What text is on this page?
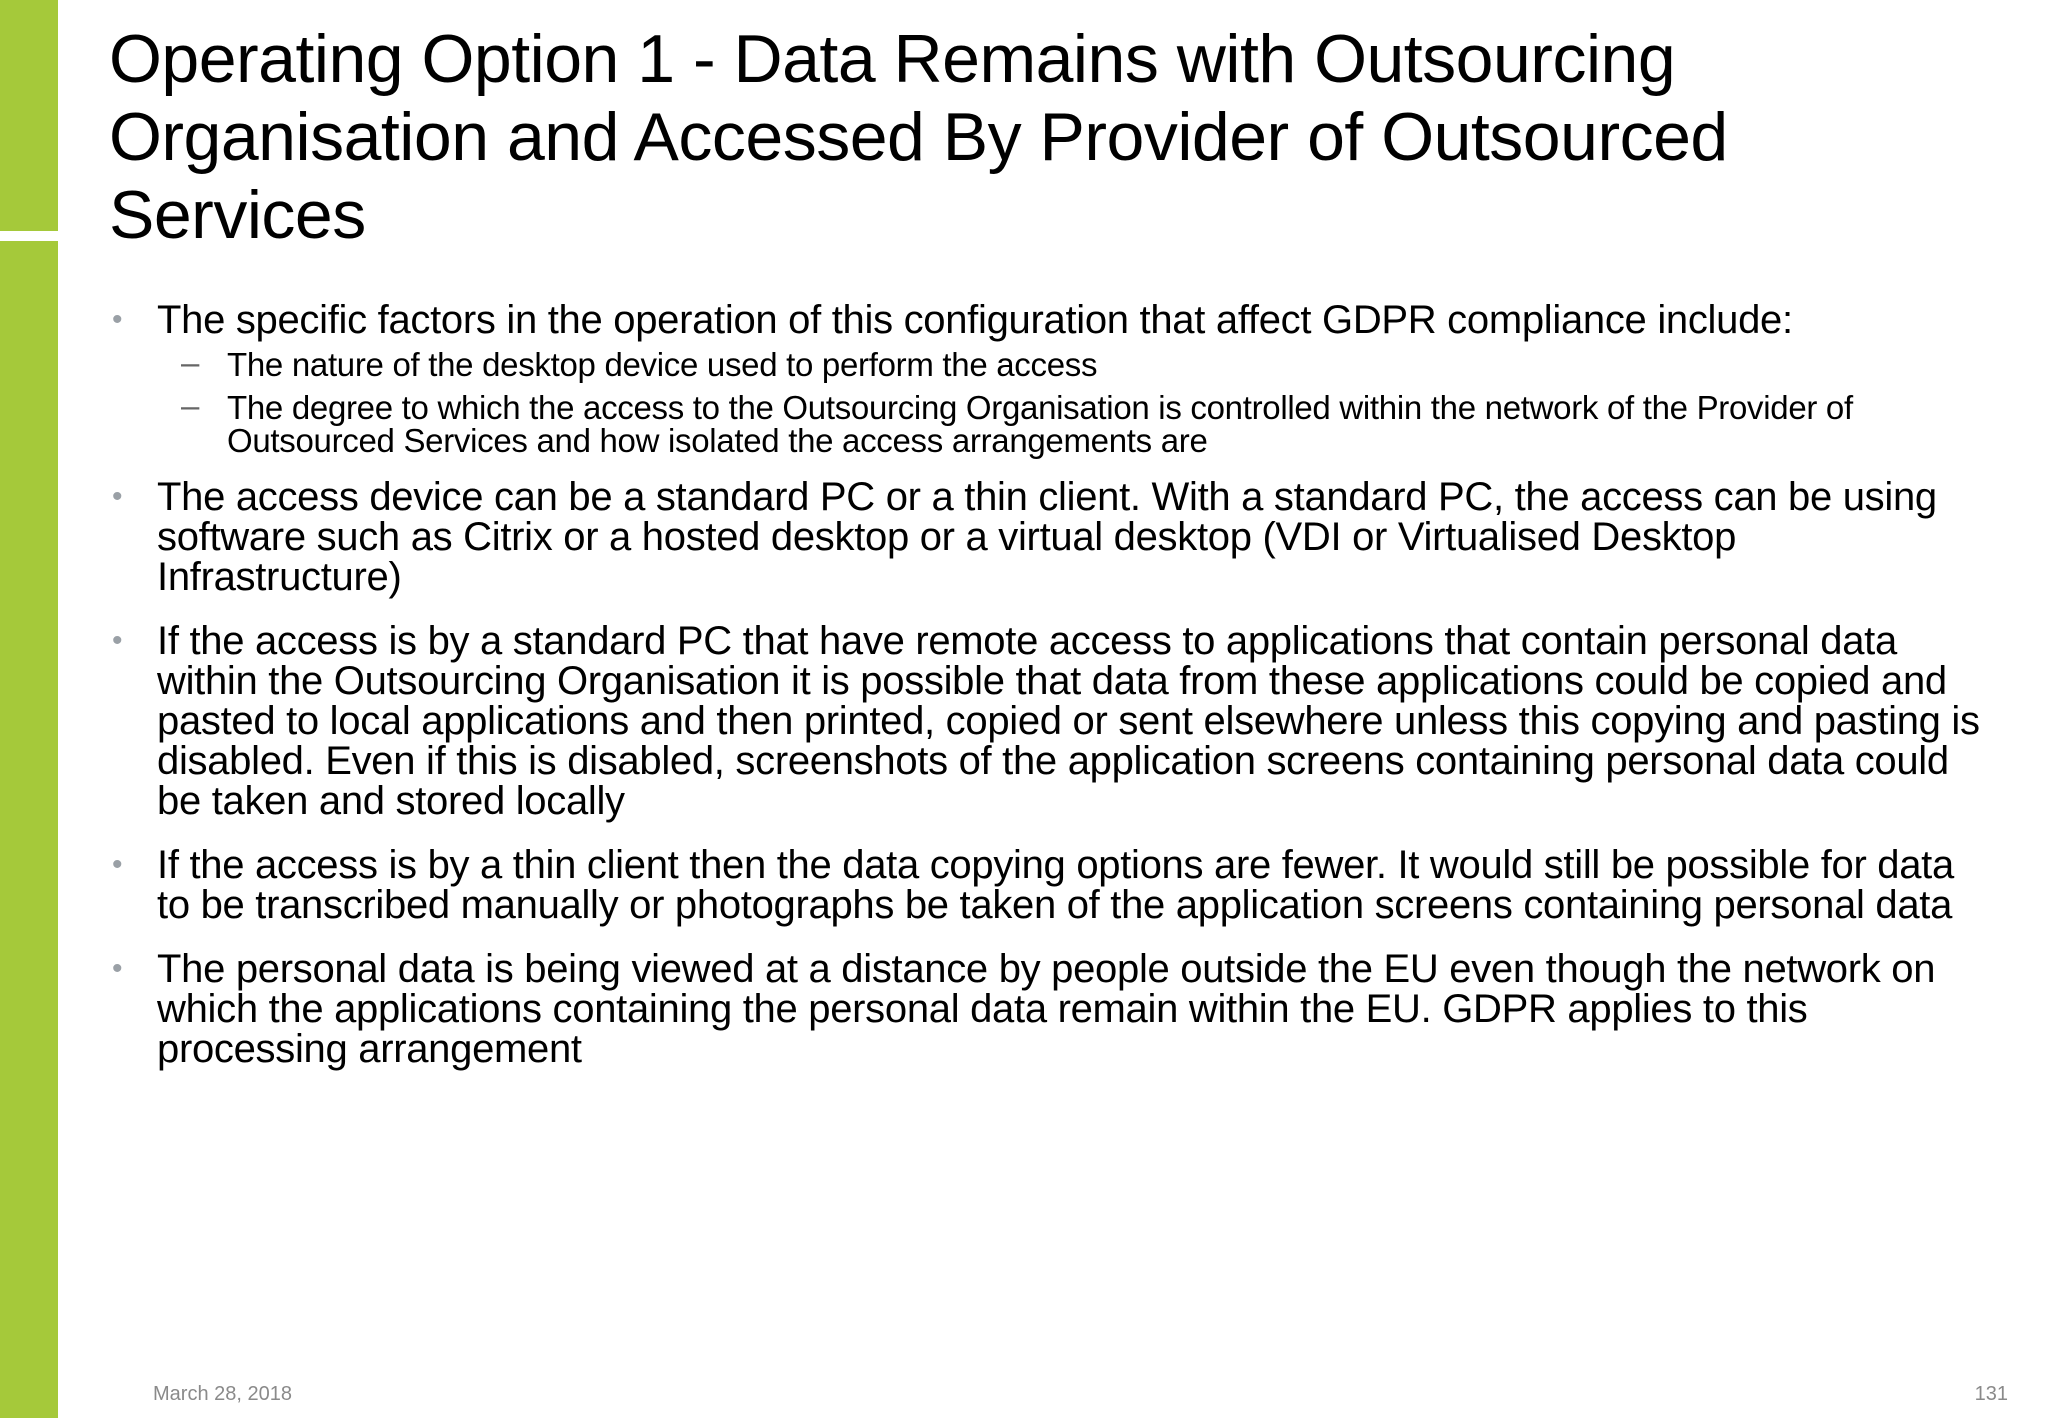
Operating Option 1 - Data Remains with Outsourcing Organisation and Accessed By Provider of Outsourced Services
• The specific factors in the operation of this configuration that affect GDPR compliance include:
– The nature of the desktop device used to perform the access
– The degree to which the access to the Outsourcing Organisation is controlled within the network of the Provider of Outsourced Services and how isolated the access arrangements are
• The access device can be a standard PC or a thin client. With a standard PC, the access can be using software such as Citrix or a hosted desktop or a virtual desktop (VDI or Virtualised Desktop Infrastructure)
• If the access is by a standard PC that have remote access to applications that contain personal data within the Outsourcing Organisation it is possible that data from these applications could be copied and pasted to local applications and then printed, copied or sent elsewhere unless this copying and pasting is disabled. Even if this is disabled, screenshots of the application screens containing personal data could be taken and stored locally
• If the access is by a thin client then the data copying options are fewer. It would still be possible for data to be transcribed manually or photographs be taken of the application screens containing personal data
• The personal data is being viewed at a distance by people outside the EU even though the network on which the applications containing the personal data remain within the EU. GDPR applies to this processing arrangement
March 28, 2018	131
